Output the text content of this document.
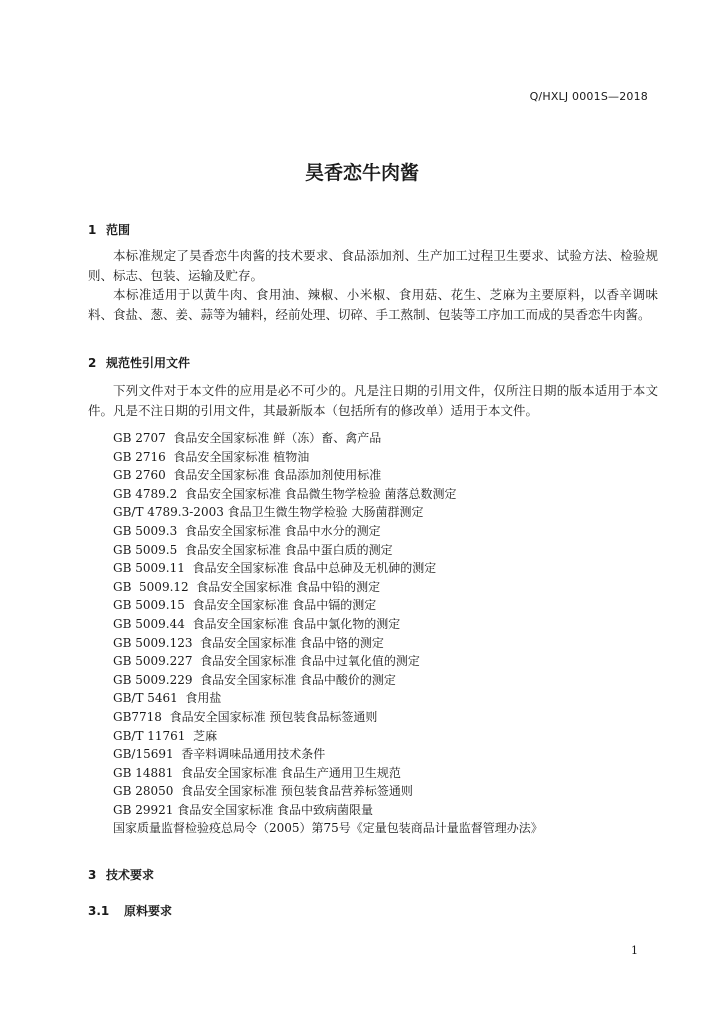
Q/HXLJ 0001S—2018
昊香恋牛肉酱
1 范围

本标准规定了昊香恋牛肉酱的技术要求、食品添加剂、生产加工过程卫生要求、试验方法、检验规则、标志、包装、运输及贮存。

本标准适用于以黄牛肉、食用油、辣椒、小米椒、食用菇、花生、芝麻为主要原料，以香辛调味料、食盐、葱、姜、蒜等为辅料，经前处理、切碎、手工熬制、包装等工序加工而成的昊香恋牛肉酱。

2 规范性引用文件

下列文件对于本文件的应用是必不可少的。凡是注日期的引用文件，仅所注日期的版本适用于本文件。凡是不注日期的引用文件，其最新版本（包括所有的修改单）适用于本文件。

GB 2707  食品安全国家标准 鲜（冻）畜、禽产品
GB 2716  食品安全国家标准 植物油
GB 2760  食品安全国家标准 食品添加剂使用标准
GB 4789.2  食品安全国家标准 食品微生物学检验 菌落总数测定
GB/T 4789.3-2003 食品卫生微生物学检验 大肠菌群测定
GB 5009.3  食品安全国家标准 食品中水分的测定
GB 5009.5  食品安全国家标准 食品中蛋白质的测定
GB 5009.11  食品安全国家标准 食品中总砷及无机砷的测定
GB  5009.12  食品安全国家标准 食品中铅的测定
GB 5009.15  食品安全国家标准 食品中镉的测定
GB 5009.44  食品安全国家标准 食品中氯化物的测定
GB 5009.123  食品安全国家标准 食品中铬的测定
GB 5009.227  食品安全国家标准 食品中过氧化值的测定
GB 5009.229  食品安全国家标准 食品中酸价的测定
GB/T 5461  食用盐
GB7718  食品安全国家标准 预包装食品标签通则
GB/T 11761  芝麻
GB/15691  香辛料调味品通用技术条件
GB 14881  食品安全国家标准 食品生产通用卫生规范
GB 28050  食品安全国家标准 预包装食品营养标签通则
GB 29921 食品安全国家标准 食品中致病菌限量
国家质量监督检验疫总局令（2005）第75号《定量包装商品计量监督管理办法》
3 技术要求
3.1 原料要求
1
